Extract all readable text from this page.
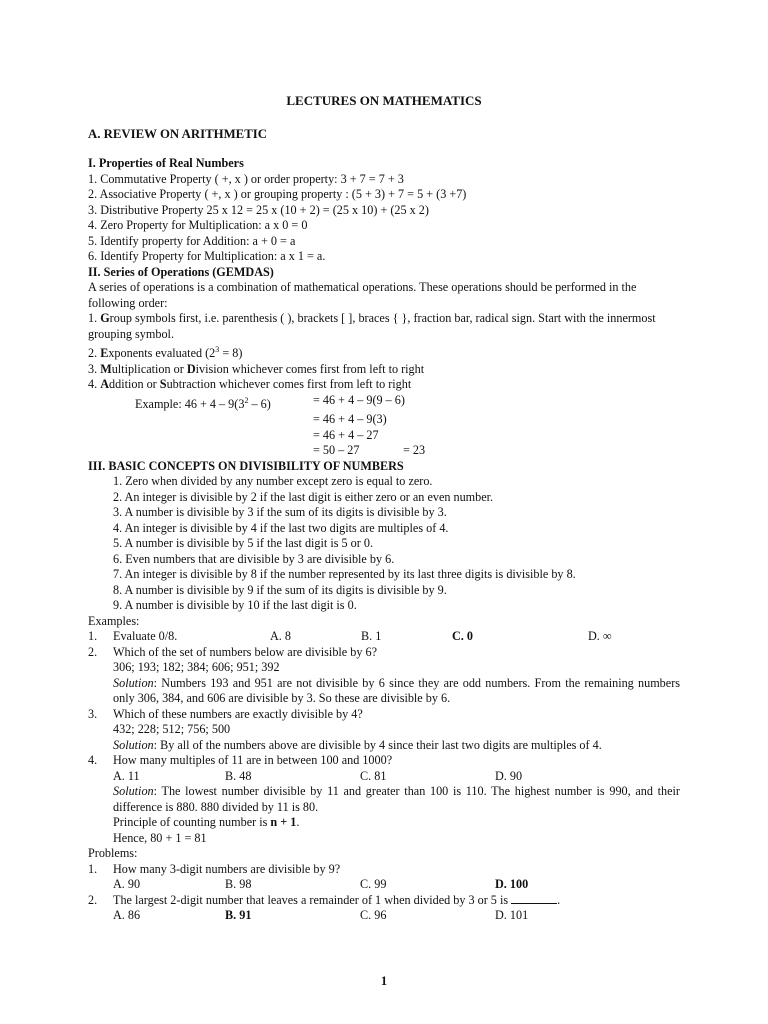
LECTURES ON MATHEMATICS
A. REVIEW ON ARITHMETIC
I. Properties of Real Numbers
1. Commutative Property ( +, x ) or order property: 3 + 7 = 7 + 3
2. Associative Property ( +, x ) or grouping property : (5 + 3) + 7 = 5 + (3 +7)
3. Distributive Property 25 x 12 = 25 x (10 + 2) = (25 x 10) + (25 x 2)
4. Zero Property for Multiplication: a x 0 = 0
5. Identify property for Addition: a + 0 = a
6. Identify Property for Multiplication: a x 1 = a.
II. Series of Operations (GEMDAS)
A series of operations is a combination of mathematical operations. These operations should be performed in the following order:
1. Group symbols first, i.e. parenthesis ( ), brackets [ ], braces { }, fraction bar, radical sign. Start with the innermost grouping symbol.
2. Exponents evaluated $(2^3 = 8)$
3. Multiplication or Division whichever comes first from left to right
4. Addition or Subtraction whichever comes first from left to right
Example: $46 + 4 - 9(3^2 - 6)$	= 46 + 4 – 9(9 – 6)
= 46 + 4 – 9(3)
= 46 + 4 – 27
= 50 – 27	= 23
III. BASIC CONCEPTS ON DIVISIBILITY OF NUMBERS
1. Zero when divided by any number except zero is equal to zero.
2. An integer is divisible by 2 if the last digit is either zero or an even number.
3. A number is divisible by 3 if the sum of its digits is divisible by 3.
4. An integer is divisible by 4 if the last two digits are multiples of 4.
5. A number is divisible by 5 if the last digit is 5 or 0.
6. Even numbers that are divisible by 3 are divisible by 6.
7. An integer is divisible by 8 if the number represented by its last three digits is divisible by 8.
8. A number is divisible by 9 if the sum of its digits is divisible by 9.
9. A number is divisible by 10 if the last digit is 0.
Examples:
1.	Evaluate 0/8.	A. 8	B. 1	C. 0	D. ∞
2. Which of the set of numbers below are divisible by 6?
306; 193; 182; 384; 606; 951; 392
Solution: Numbers 193 and 951 are not divisible by 6 since they are odd numbers. From the remaining numbers only 306, 384, and 606 are divisible by 3. So these are divisible by 6.
3. Which of these numbers are exactly divisible by 4?
432; 228; 512; 756; 500
Solution: By all of the numbers above are divisible by 4 since their last two digits are multiples of 4.
4. How many multiples of 11 are in between 100 and 1000?
A. 11	B. 48	C. 81	D. 90
Solution: The lowest number divisible by 11 and greater than 100 is 110. The highest number is 990, and their difference is 880. 880 divided by 11 is 80.
Principle of counting number is n + 1.
Hence, 80 + 1 = 81
Problems:
1. How many 3-digit numbers are divisible by 9?
A. 90	B. 98	C. 99	D. 100
2. The largest 2-digit number that leaves a remainder of 1 when divided by 3 or 5 is	.
A. 86	B. 91	C. 96	D. 101
1
